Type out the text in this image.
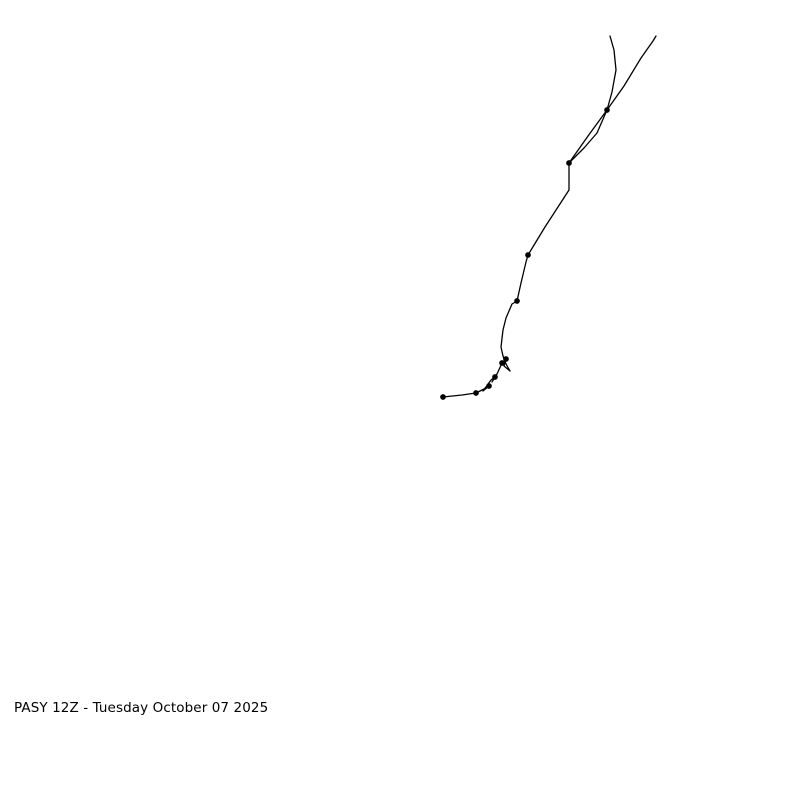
PASY 12Z - Tuesday October 07 2025
